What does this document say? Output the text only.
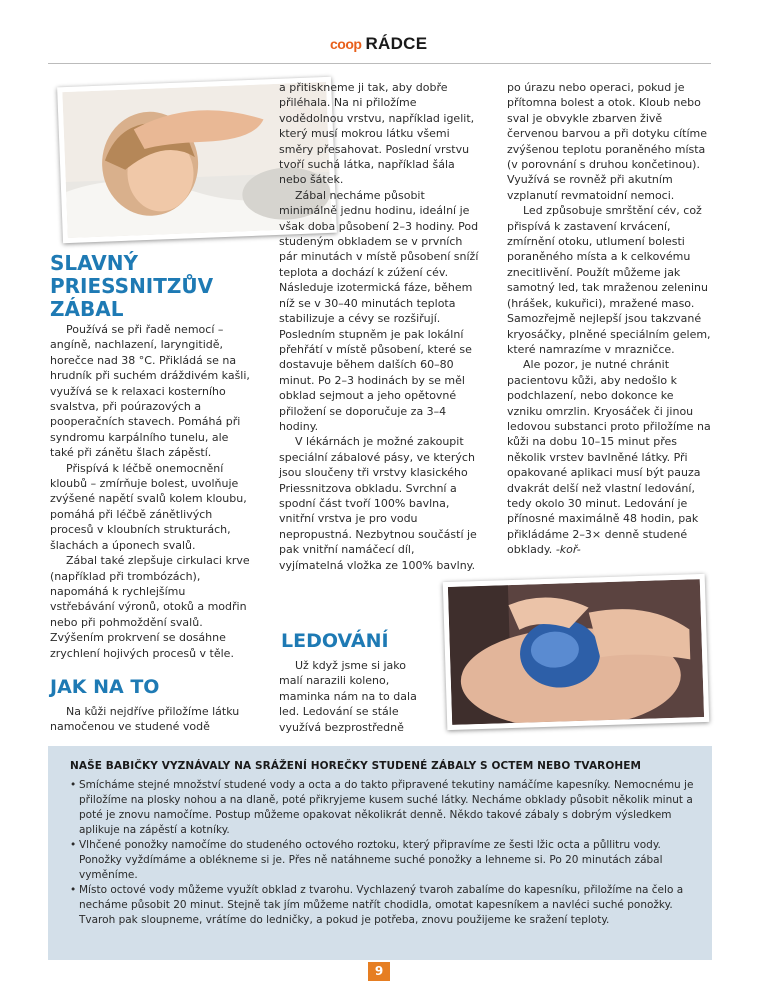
coop RÁDCE
SLAVNÝ PRIESSNITZŮV ZÁBAL

Používá se při řadě nemocí – angíně, nachlazení, laryngitidě, horečce nad 38 °C. Přikládá se na hrudník při suchém dráždivém kašli, využívá se k relaxaci kosterního svalstva, při poúrazových a pooperačních stavech. Pomáhá při syndromu karpálního tunelu, ale také při zánětu šlach zápěstí.

Přispívá k léčbě onemocnění kloubů – zmírňuje bolest, uvolňuje zvýšené napětí svalů kolem kloubu, pomáhá při léčbě zánětlivých procesů v kloubních strukturách, šlachách a úponech svalů.

Zábal také zlepšuje cirkulaci krve (například při trombózách), napomáhá k rychlejšímu vstřebávání výronů, otoků a modřin nebo při pohmoždění svalů. Zvýšením prokrvení se dosáhne zrychlení hojivých procesů v těle.

JAK NA TO

Na kůži nejdříve přiložíme látku namočenou ve studené vodě

a přitiskneme ji tak, aby dobře přiléhala. Na ni přiložíme vodědolnou vrstvu, například igelit, který musí mokrou látku všemi směry přesahovat. Poslední vrstvu tvoří suchá látka, například šála nebo šátek.

Zábal necháme působit minimálně jednu hodinu, ideální je však doba působení 2–3 hodiny. Pod studeným obkladem se v prvních pár minutách v místě působení sníží teplota a dochází k zúžení cév. Následuje izotermická fáze, během níž se v 30–40 minutách teplota stabilizuje a cévy se rozšiřují. Posledním stupněm je pak lokální přehřátí v místě působení, které se dostavuje během dalších 60–80 minut. Po 2–3 hodinách by se měl obklad sejmout a jeho opětovné přiložení se doporučuje za 3–4 hodiny.

V lékárnách je možné zakoupit speciální zábalové pásy, ve kterých jsou sloučeny tři vrstvy klasického Priessnitzova obkladu. Svrchní a spodní část tvoří 100% bavlna, vnitřní vrstva je pro vodu nepropustná. Nezbytnou součástí je pak vnitřní namáčecí díl, vyjímatelná vložka ze 100% bavlny.

LEDOVÁNÍ

Už když jsme si jako malí narazili koleno, maminka nám na to dala led. Ledování se stále využívá bezprostředně

po úrazu nebo operaci, pokud je přítomna bolest a otok. Kloub nebo sval je obvykle zbarven živě červenou barvou a při dotyku cítíme zvýšenou teplotu poraněného místa (v porovnání s druhou končetinou). Využívá se rovněž při akutním vzplanutí revmatoidní nemoci.

Led způsobuje smrštění cév, což přispívá k zastavení krvácení, zmírnění otoku, utlumení bolesti poraněného místa a k celkovému znecitlivění. Použít můžeme jak samotný led, tak mraženou zeleninu (hrášek, kukuřici), mražené maso. Samozřejmě nejlepší jsou takzvané kryosáčky, plněné speciálním gelem, které namrazíme v mrazničce.

Ale pozor, je nutné chránit pacientovu kůži, aby nedošlo k podchlazení, nebo dokonce ke vzniku omrzlin. Kryosáček či jinou ledovou substanci proto přiložíme na kůži na dobu 10–15 minut přes několik vrstev bavlněné látky. Při opakované aplikaci musí být pauza dvakrát delší než vlastní ledování, tedy okolo 30 minut. Ledování je přínosné maximálně 48 hodin, pak přikládáme 2–3× denně studené obklady. -koř-

NAŠE BABIČKY VYZNÁVALY NA SRÁŽENÍ HOREČKY STUDENÉ ZÁBALY S OCTEM NEBO TVAROHEM
• Smícháme stejné množství studené vody a octa a do takto připravené tekutiny namáčíme kapesníky. Nemocnému je přiložíme na plosky nohou a na dlaně, poté přikryjeme kusem suché látky. Necháme obklady působit několik minut a poté je znovu namočíme. Postup můžeme opakovat několikrát denně. Někdo takové zábaly s dobrým výsledkem aplikuje na zápěstí a kotníky.
• Vlhčené ponožky namočíme do studeného octového roztoku, který připravíme ze šesti lžic octa a půllitru vody. Ponožky vyždímáme a oblékneme si je. Přes ně natáhneme suché ponožky a lehneme si. Po 20 minutách zábal vyměníme.
• Místo octové vody můžeme využít obklad z tvarohu. Vychlazený tvaroh zabalíme do kapesníku, přiložíme na čelo a necháme působit 20 minut. Stejně tak jím můžeme natřít chodidla, omotat kapesníkem a navléci suché ponožky. Tvaroh pak sloupneme, vrátíme do ledničky, a pokud je potřeba, znovu použijeme ke sražení teploty.
9
